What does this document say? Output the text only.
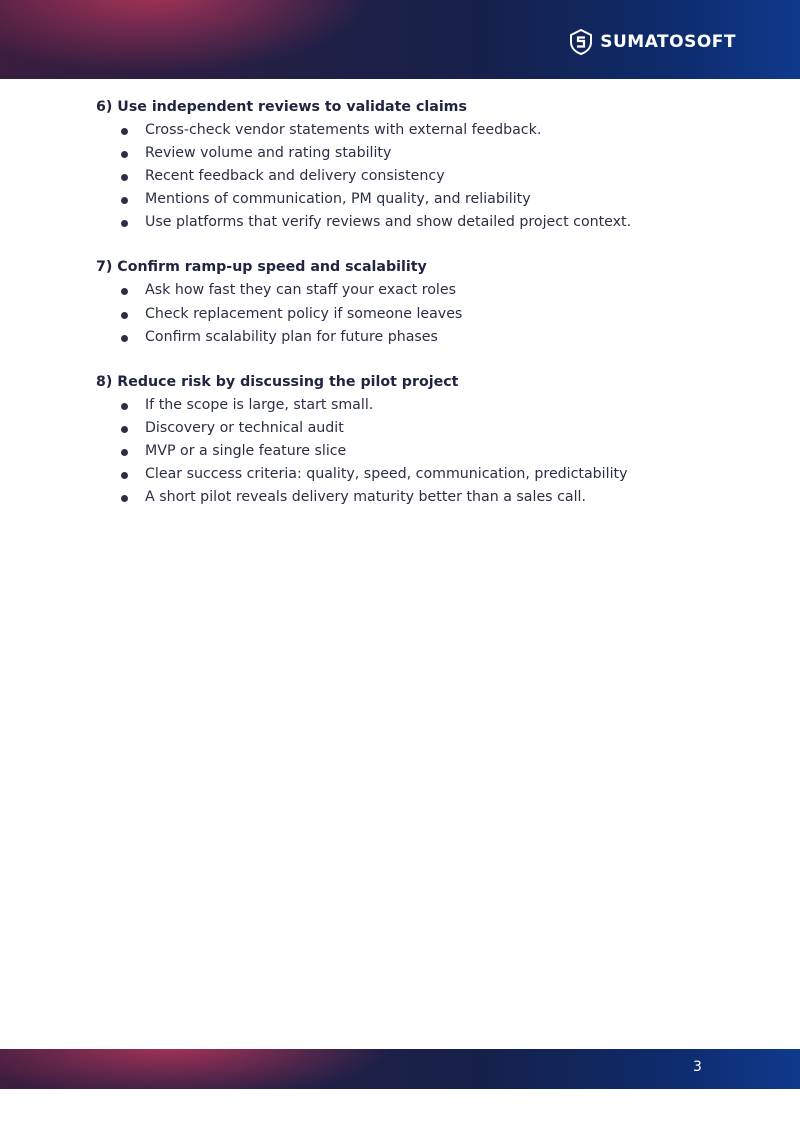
SUMATOSOFT
6) Use independent reviews to validate claims
Cross-check vendor statements with external feedback.
Review volume and rating stability
Recent feedback and delivery consistency
Mentions of communication, PM quality, and reliability
Use platforms that verify reviews and show detailed project context.
7) Confirm ramp-up speed and scalability
Ask how fast they can staff your exact roles
Check replacement policy if someone leaves
Confirm scalability plan for future phases
8) Reduce risk by discussing the pilot project
If the scope is large, start small.
Discovery or technical audit
MVP or a single feature slice
Clear success criteria: quality, speed, communication, predictability
A short pilot reveals delivery maturity better than a sales call.
3
